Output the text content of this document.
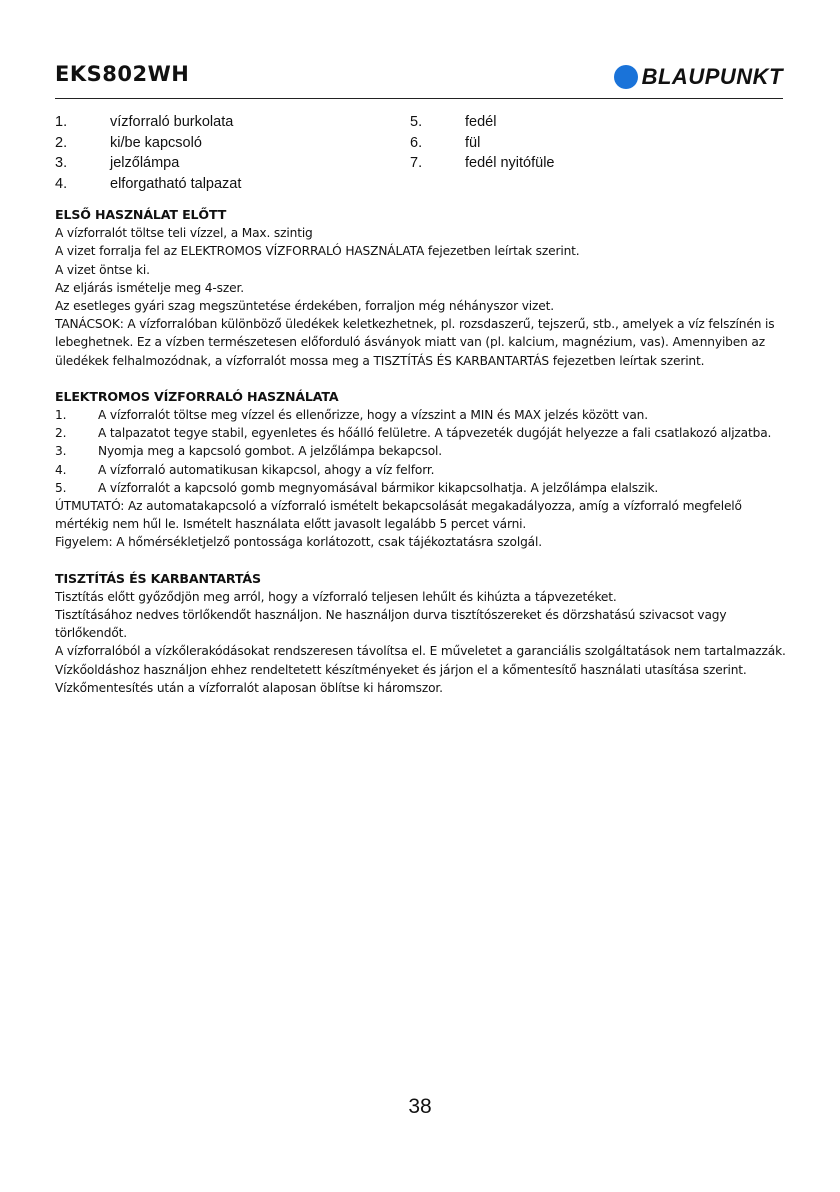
EKS802WH	BLAUPUNKT
1.	vízforraló burkolata
2.	ki/be kapcsoló
3.	jelzőlámpa
4.	elforgatható talpazat
5.	fedél
6.	fül
7.	fedél nyitófüle
ELSŐ HASZNÁLAT ELŐTT

A vízforralót töltse teli vízzel, a Max. szintig

A vizet forralja fel az ELEKTROMOS VÍZFORRALÓ HASZNÁLATA fejezetben leírtak szerint.

A vizet öntse ki.

Az eljárás ismételje meg 4-szer.

Az esetleges gyári szag megszüntetése érdekében, forraljon még néhányszor vizet.

TANÁCSOK: A vízforralóban különböző üledékek keletkezhetnek, pl. rozsdaszerű, tejszerű, stb., amelyek a víz felszínén is lebeghetnek. Ez a vízben természetesen előforduló ásványok miatt van (pl. kalcium, magnézium, vas). Amennyiben az üledékek felhalmozódnak, a vízforralót mossa meg a TISZTÍTÁS ÉS KARBANTARTÁS fejezetben leírtak szerint.

ELEKTROMOS VÍZFORRALÓ HASZNÁLATA
1.	A vízforralót töltse meg vízzel és ellenőrizze, hogy a vízszint a MIN és MAX jelzés között van.
2.	A talpazatot tegye stabil, egyenletes és hőálló felületre. A tápvezeték dugóját helyezze a fali csatlakozó aljzatba.
3.	Nyomja meg a kapcsoló gombot. A jelzőlámpa bekapcsol.
4.	A vízforraló automatikusan kikapcsol, ahogy a víz felforr.
5.	A vízforralót a kapcsoló gomb megnyomásával bármikor kikapcsolhatja. A jelzőlámpa elalszik.

ÚTMUTATÓ: Az automatakapcsoló a vízforraló ismételt bekapcsolását megakadályozza, amíg a vízforraló megfelelő mértékig nem hűl le. Ismételt használata előtt javasolt legalább 5 percet várni.

Figyelem: A hőmérsékletjelző pontossága korlátozott, csak tájékoztatásra szolgál.

TISZTÍTÁS ÉS KARBANTARTÁS

Tisztítás előtt győződjön meg arról, hogy a vízforraló teljesen lehűlt és kihúzta a tápvezetéket.

Tisztításához nedves törlőkendőt használjon. Ne használjon durva tisztítószereket és dörzshatású szivacsot vagy törlőkendőt.

A vízforralóból a vízkőlerakódásokat rendszeresen távolítsa el. E műveletet a garanciális szolgáltatások nem tartalmazzák. Vízkőoldáshoz használjon ehhez rendeltetett készítményeket és járjon el a kőmentesítő használati utasítása szerint. Vízkőmentesítés után a vízforralót alaposan öblítse ki háromszor.

38
